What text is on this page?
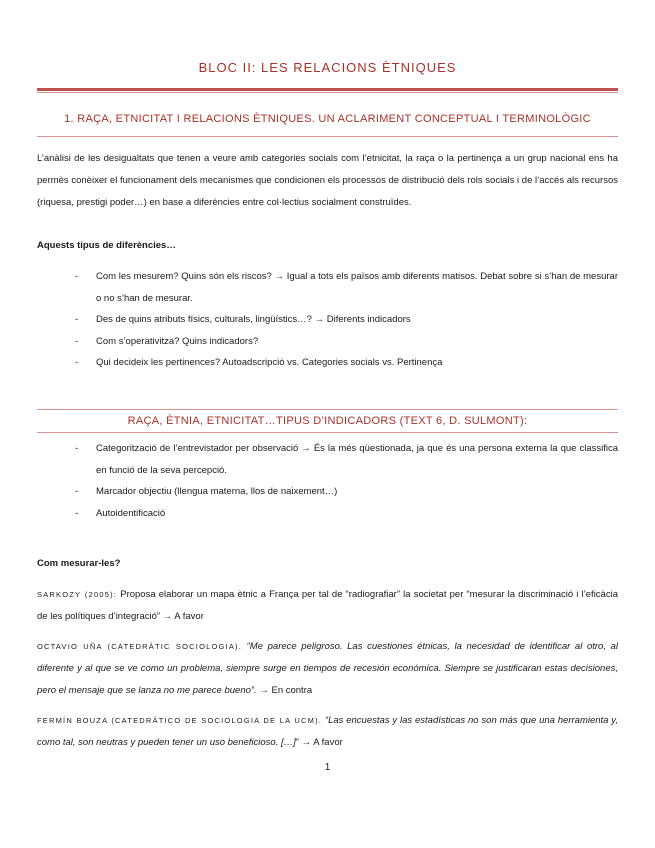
BLOC II: LES RELACIONS ÈTNIQUES
1. RAÇA, ETNICITAT I RELACIONS ÈTNIQUES. UN ACLARIMENT CONCEPTUAL I TERMINOLÒGIC
L’anàlisi de les desigualtats que tenen a veure amb categories socials com l’etnicitat, la raça o la pertinença a un grup nacional ens ha permès conèixer el funcionament dels mecanismes que condicionen els processos de distribució dels rols socials i de l’accés als recursos (riquesa, prestigi poder…) en base a diferències entre col·lectius socialment construïdes.
Aquests tipus de diferències…
- Com les mesurem? Quins són els riscos? → Igual a tots els països amb diferents matisos. Debat sobre si s’han de mesurar o no s’han de mesurar.
- Des de quins atributs físics, culturals, lingüístics…? → Diferents indicadors
- Com s’operativitza? Quins indicadors?
- Qui decideix les pertinences? Autoadscripció vs. Categories socials vs. Pertinença
RAÇA, ÈTNIA, ETNICITAT…TIPUS D’INDICADORS (TEXT 6, D. SULMONT):
- Categorització de l’entrevistador per observació → És la més qüestionada, ja que és una persona externa la que classifica en funció de la seva percepció.
- Marcador objectiu (llengua materna, llos de naixement…)
- Autoidentificació
Com mesurar-les?
SARKOZY (2005): Proposa elaborar un mapa ètnic a França per tal de “radiografiar” la societat per “mesurar la discriminació i l’eficàcia de les polítiques d’integració” → A favor
OCTAVIO UÑA (CATEDRÀTIC SOCIOLOGIA). “Me parece peligroso. Las cuestiones étnicas, la necesidad de identificar al otro, al diferente y al que se ve como un problema, siempre surge en tiempos de recesión económica. Siempre se justificaran estas decisiones, pero el mensaje que se lanza no me parece bueno”. → En contra
FERMÍN BOUZA (CATEDRÁTICO DE SOCIOLOGIA DE LA UCM). “Las encuestas y las estadísticas no son más que una herramienta y, como tal, son neutras y pueden tener un uso beneficioso. […]” → A favor
1
